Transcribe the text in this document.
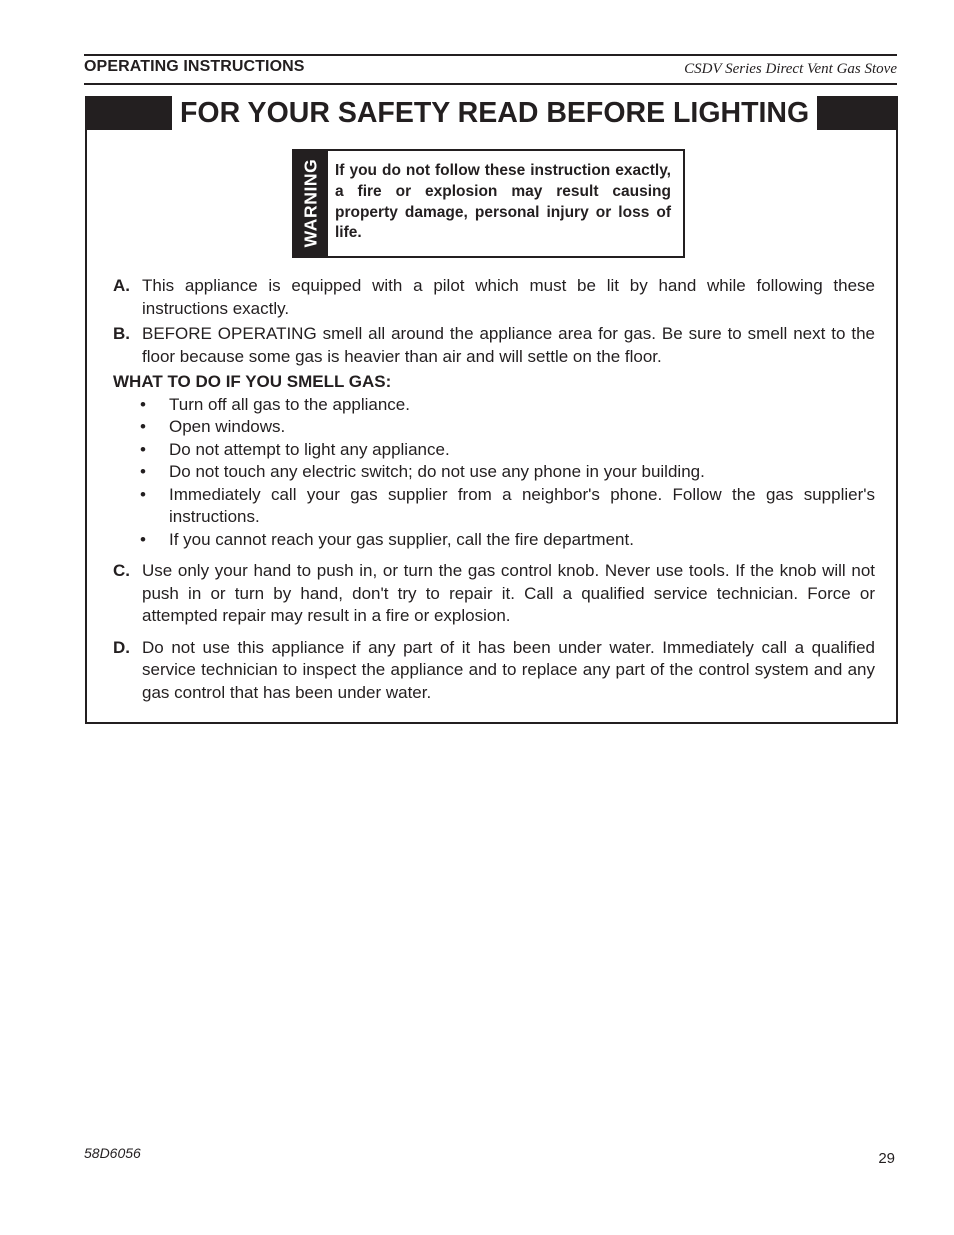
OPERATING INSTRUCTIONS	CSDV Series Direct Vent Gas Stove
FOR YOUR SAFETY READ BEFORE LIGHTING
WARNING If you do not follow these instruction exactly, a fire or explosion may result causing property damage, personal injury or loss of life.
A. This appliance is equipped with a pilot which must be lit by hand while following these instructions exactly.
B. BEFORE OPERATING smell all around the appliance area for gas. Be sure to smell next to the floor because some gas is heavier than air and will settle on the floor.
WHAT TO DO IF YOU SMELL GAS:
•	Turn off all gas to the appliance.
•	Open windows.
•	Do not attempt to light any appliance.
•	Do not touch any electric switch; do not use any phone in your building.
•	Immediately call your gas supplier from a neighbor's phone. Follow the gas supplier's instructions.
•	If you cannot reach your gas supplier, call the fire department.
C. Use only your hand to push in, or turn the gas control knob. Never use tools. If the knob will not push in or turn by hand, don't try to repair it. Call a qualified service technician. Force or attempted repair may result in a fire or explosion.
D. Do not use this appliance if any part of it has been under water. Immediately call a qualified service technician to inspect the appliance and to replace any part of the control system and any gas control that has been under water.
58D6056	29
